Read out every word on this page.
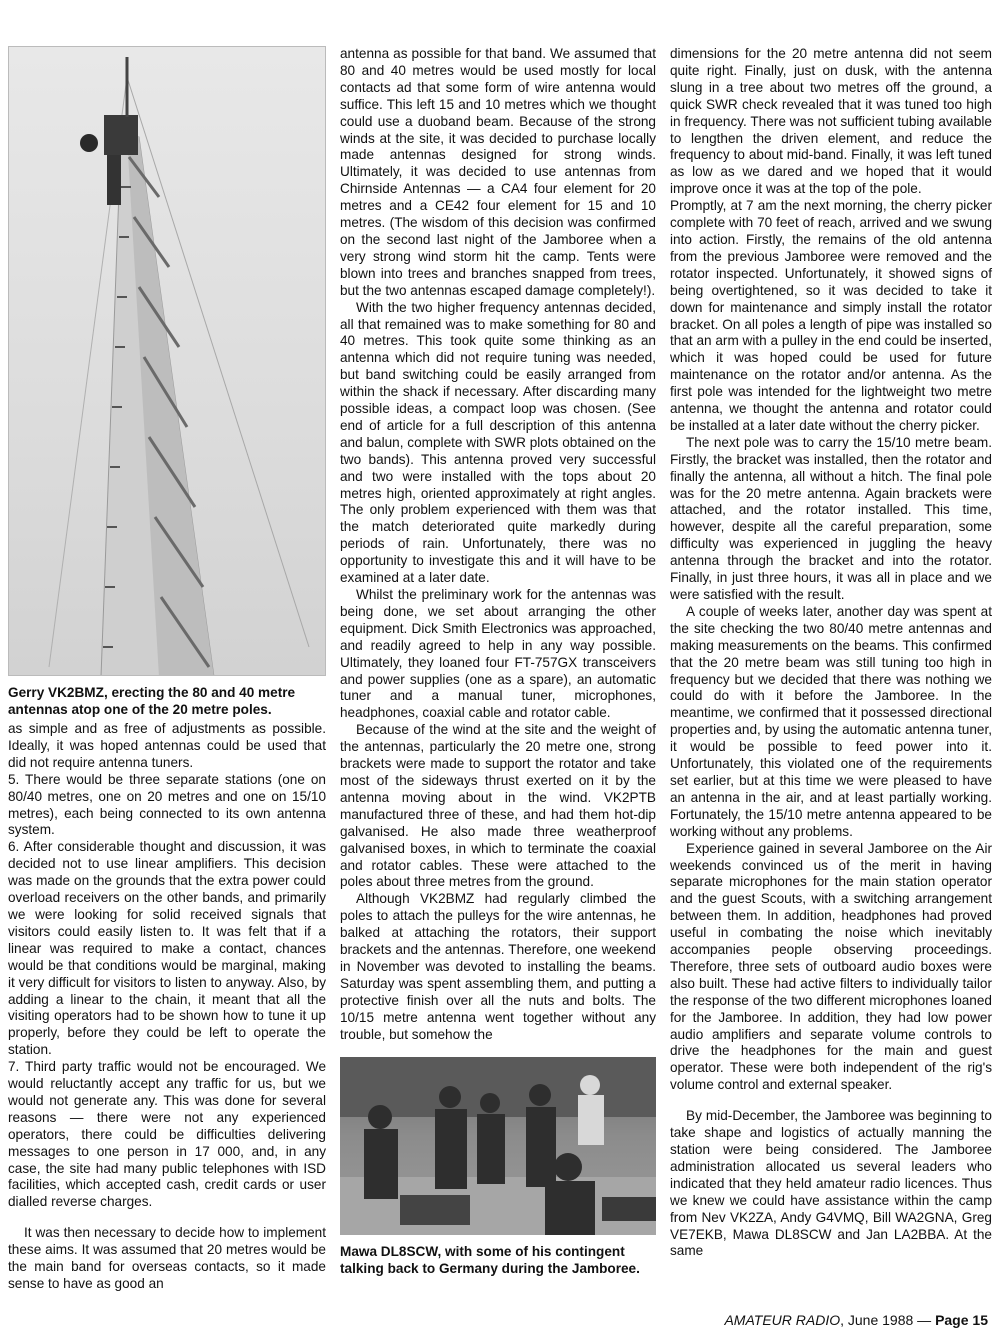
Gerry VK2BMZ, erecting the 80 and 40 metre antennas atop one of the 20 metre poles.

as simple and as free of adjustments as possible. Ideally, it was hoped antennas could be used that did not require antenna tuners.

5. There would be three separate stations (one on 80/40 metres, one on 20 metres and one on 15/10 metres), each being connected to its own antenna system.

6. After considerable thought and discussion, it was decided not to use linear amplifiers. This decision was made on the grounds that the extra power could overload receivers on the other bands, and primarily we were looking for solid received signals that visitors could easily listen to. It was felt that if a linear was required to make a contact, chances would be that conditions would be marginal, making it very difficult for visitors to listen to anyway. Also, by adding a linear to the chain, it meant that all the visiting operators had to be shown how to tune it up properly, before they could be left to operate the station.

7. Third party traffic would not be encouraged. We would reluctantly accept any traffic for us, but we would not generate any. This was done for several reasons — there were not any experienced operators, there could be difficulties delivering messages to one person in 17 000, and, in any case, the site had many public telephones with ISD facilities, which accepted cash, credit cards or user dialled reverse charges.

It was then necessary to decide how to implement these aims. It was assumed that 20 metres would be the main band for overseas contacts, so it made sense to have as good an

antenna as possible for that band. We assumed that 80 and 40 metres would be used mostly for local contacts ad that some form of wire antenna would suffice. This left 15 and 10 metres which we thought could use a duoband beam. Because of the strong winds at the site, it was decided to purchase locally made antennas designed for strong winds. Ultimately, it was decided to use antennas from Chirnside Antennas — a CA4 four element for 20 metres and a CE42 four element for 15 and 10 metres. (The wisdom of this decision was confirmed on the second last night of the Jamboree when a very strong wind storm hit the camp. Tents were blown into trees and branches snapped from trees, but the two antennas escaped damage completely!).

With the two higher frequency antennas decided, all that remained was to make something for 80 and 40 metres. This took quite some thinking as an antenna which did not require tuning was needed, but band switching could be easily arranged from within the shack if necessary. After discarding many possible ideas, a compact loop was chosen. (See end of article for a full description of this antenna and balun, complete with SWR plots obtained on the two bands). This antenna proved very successful and two were installed with the tops about 20 metres high, oriented approximately at right angles. The only problem experienced with them was that the match deteriorated quite markedly during periods of rain. Unfortunately, there was no opportunity to investigate this and it will have to be examined at a later date.

Whilst the preliminary work for the antennas was being done, we set about arranging the other equipment. Dick Smith Electronics was approached, and readily agreed to help in any way possible. Ultimately, they loaned four FT-757GX transceivers and power supplies (one as a spare), an automatic tuner and a manual tuner, microphones, headphones, coaxial cable and rotator cable.

Because of the wind at the site and the weight of the antennas, particularly the 20 metre one, strong brackets were made to support the rotator and take most of the sideways thrust exerted on it by the antenna moving about in the wind. VK2PTB manufactured three of these, and had them hot-dip galvanised. He also made three weatherproof galvanised boxes, in which to terminate the coaxial and rotator cables. These were attached to the poles about three metres from the ground.

Although VK2BMZ had regularly climbed the poles to attach the pulleys for the wire antennas, he balked at attaching the rotators, their support brackets and the antennas. Therefore, one weekend in November was devoted to installing the beams. Saturday was spent assembling them, and putting a protective finish over all the nuts and bolts. The 10/15 metre antenna went together without any trouble, but somehow the

Mawa DL8SCW, with some of his contingent talking back to Germany during the Jamboree.

dimensions for the 20 metre antenna did not seem quite right. Finally, just on dusk, with the antenna slung in a tree about two metres off the ground, a quick SWR check revealed that it was tuned too high in frequency. There was not sufficient tubing available to lengthen the driven element, and reduce the frequency to about mid-band. Finally, it was left tuned as low as we dared and we hoped that it would improve once it was at the top of the pole.

Promptly, at 7 am the next morning, the cherry picker complete with 70 feet of reach, arrived and we swung into action. Firstly, the remains of the old antenna from the previous Jamboree were removed and the rotator inspected. Unfortunately, it showed signs of being overtightened, so it was decided to take it down for maintenance and simply install the rotator bracket. On all poles a length of pipe was installed so that an arm with a pulley in the end could be inserted, which it was hoped could be used for future maintenance on the rotator and/or antenna. As the first pole was intended for the lightweight two metre antenna, we thought the antenna and rotator could be installed at a later date without the cherry picker.

The next pole was to carry the 15/10 metre beam. Firstly, the bracket was installed, then the rotator and finally the antenna, all without a hitch. The final pole was for the 20 metre antenna. Again brackets were attached, and the rotator installed. This time, however, despite all the careful preparation, some difficulty was experienced in juggling the heavy antenna through the bracket and into the rotator. Finally, in just three hours, it was all in place and we were satisfied with the result.

A couple of weeks later, another day was spent at the site checking the two 80/40 metre antennas and making measurements on the beams. This confirmed that the 20 metre beam was still tuning too high in frequency but we decided that there was nothing we could do with it before the Jamboree. In the meantime, we confirmed that it possessed directional properties and, by using the automatic antenna tuner, it would be possible to feed power into it. Unfortunately, this violated one of the requirements set earlier, but at this time we were pleased to have an antenna in the air, and at least partially working. Fortunately, the 15/10 metre antenna appeared to be working without any problems.

Experience gained in several Jamboree on the Air weekends convinced us of the merit in having separate microphones for the main station operator and the guest Scouts, with a switching arrangement between them. In addition, headphones had proved useful in combating the noise which inevitably accompanies people observing proceedings. Therefore, three sets of outboard audio boxes were also built. These had active filters to individually tailor the response of the two different microphones loaned for the Jamboree. In addition, they had low power audio amplifiers and separate volume controls to drive the headphones for the main and guest operator. These were both independent of the rig's volume control and external speaker.

By mid-December, the Jamboree was beginning to take shape and logistics of actually manning the station were being considered. The Jamboree administration allocated us several leaders who indicated that they held amateur radio licences. Thus we knew we could have assistance within the camp from Nev VK2ZA, Andy G4VMQ, Bill WA2GNA, Greg VE7EKB, Mawa DL8SCW and Jan LA2BBA. At the same

AMATEUR RADIO, June 1988 — Page 15
